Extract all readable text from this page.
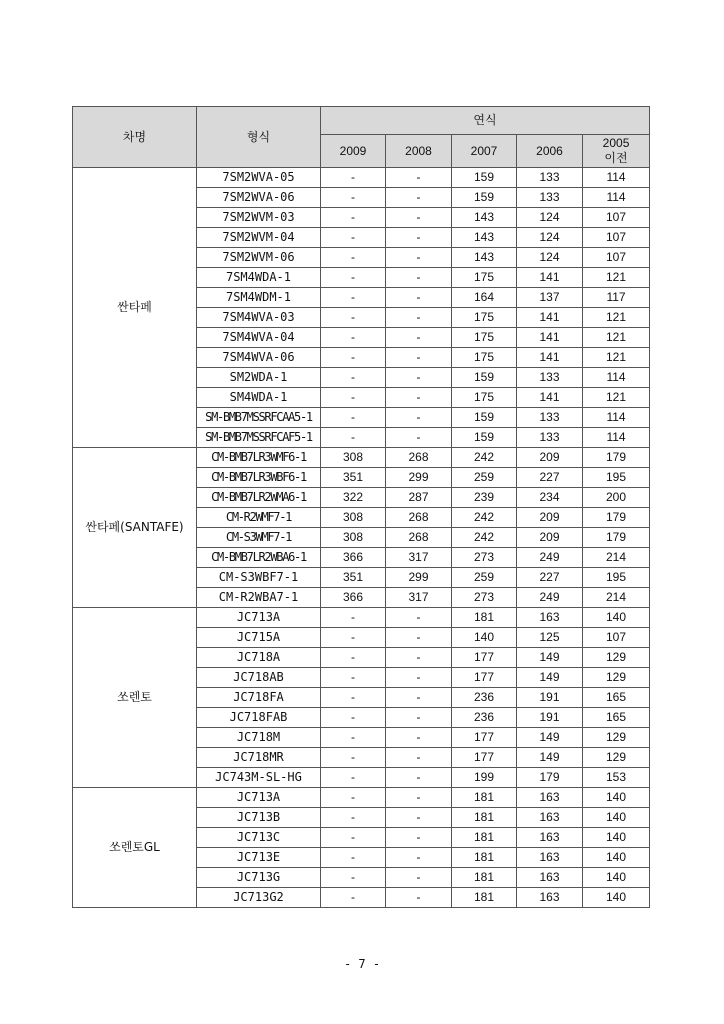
차명	형식	연식				
		2009	2008	2007	2006	2005
이전
싼타페	7SM2WVA-05	-	-	159	133	114
	7SM2WVA-06	-	-	159	133	114
	7SM2WVM-03	-	-	143	124	107
	7SM2WVM-04	-	-	143	124	107
	7SM2WVM-06	-	-	143	124	107
	7SM4WDA-1	-	-	175	141	121
	7SM4WDM-1	-	-	164	137	117
	7SM4WVA-03	-	-	175	141	121
	7SM4WVA-04	-	-	175	141	121
	7SM4WVA-06	-	-	175	141	121
	SM2WDA-1	-	-	159	133	114
	SM4WDA-1	-	-	175	141	121
	SM-BMB7MSSRFCAA5-1	-	-	159	133	114
	SM-BMB7MSSRFCAF5-1	-	-	159	133	114
싼타페(SANTAFE)	CM-BMB7LR3WMF6-1	308	268	242	209	179
	CM-BMB7LR3WBF6-1	351	299	259	227	195
	CM-BMB7LR2WMA6-1	322	287	239	234	200
	CM-R2WMF7-1	308	268	242	209	179
	CM-S3WMF7-1	308	268	242	209	179
	CM-BMB7LR2WBA6-1	366	317	273	249	214
	CM-S3WBF7-1	351	299	259	227	195
	CM-R2WBA7-1	366	317	273	249	214
쏘렌토	JC713A	-	-	181	163	140
	JC715A	-	-	140	125	107
	JC718A	-	-	177	149	129
	JC718AB	-	-	177	149	129
	JC718FA	-	-	236	191	165
	JC718FAB	-	-	236	191	165
	JC718M	-	-	177	149	129
	JC718MR	-	-	177	149	129
	JC743M-SL-HG	-	-	199	179	153
쏘렌토GL	JC713A	-	-	181	163	140
	JC713B	-	-	181	163	140
	JC713C	-	-	181	163	140
	JC713E	-	-	181	163	140
	JC713G	-	-	181	163	140
	JC713G2	-	-	181	163	140
- 7 -
